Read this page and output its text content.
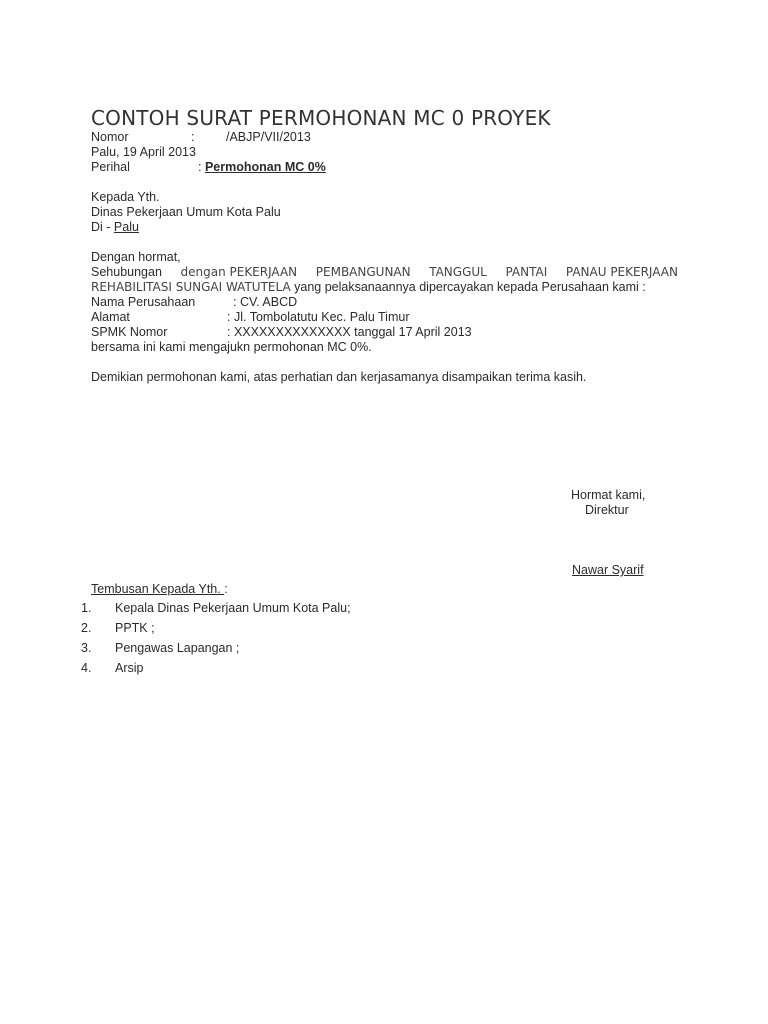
CONTOH SURAT PERMOHONAN MC 0 PROYEK
Nomor	:	/ABJP/VII/2013
Palu, 19 April 2013
Perihal	: Permohonan MC 0%
Kepada Yth.
Dinas Pekerjaan Umum Kota Palu
Di - Palu
Dengan hormat,
Sehubungan dengan PEKERJAAN PEMBANGUNAN TANGGUL PANTAI PANAU PEKERJAAN
REHABILITASI SUNGAI WATUTELA yang pelaksanaannya dipercayakan kepada Perusahaan kami :
Nama Perusahaan	: CV. ABCD
Alamat	: Jl. Tombolatutu Kec. Palu Timur
SPMK Nomor	: XXXXXXXXXXXXXX tanggal 17 April 2013
bersama ini kami mengajukn permohonan MC 0%.
Demikian permohonan kami, atas perhatian dan kerjasamanya disampaikan terima kasih.
Hormat kami,
Direktur
Nawar Syarif
Tembusan Kepada Yth. :
1. Kepala Dinas Pekerjaan Umum Kota Palu;
2. PPTK ;
3. Pengawas Lapangan ;
4. Arsip
